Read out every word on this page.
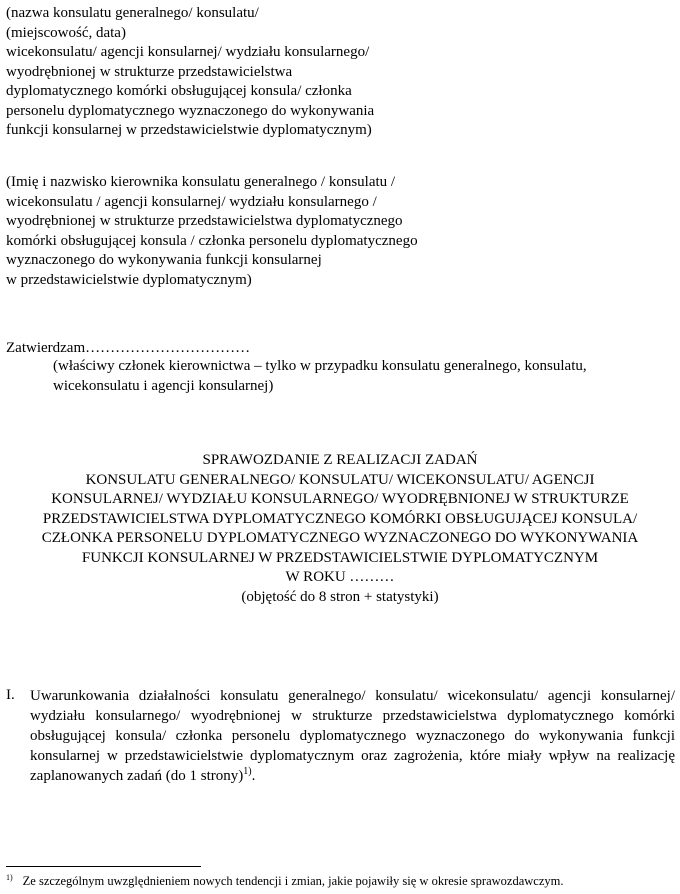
(nazwa konsulatu generalnego/ konsulatu/
(miejscowość, data)
wicekonsulatu/ agencji konsularnej/ wydziału konsularnego/
wyodrębnionej w strukturze przedstawicielstwa
dyplomatycznego komórki obsługującej konsula/ członka
personelu dyplomatycznego wyznaczonego do wykonywania
funkcji konsularnej w przedstawicielstwie dyplomatycznym)
(Imię i nazwisko kierownika konsulatu generalnego / konsulatu /
wicekonsulatu / agencji konsularnej/ wydziału konsularnego /
wyodrębnionej w strukturze przedstawicielstwa dyplomatycznego
komórki obsługującej konsula / członka personelu dyplomatycznego
wyznaczonego do wykonywania funkcji konsularnej
w przedstawicielstwie dyplomatycznym)
Zatwierdzam……………………………
(właściwy członek kierownictwa – tylko w przypadku konsulatu generalnego, konsulatu,
wicekonsulatu i agencji konsularnej)
SPRAWOZDANIE Z REALIZACJI ZADAŃ
KONSULATU GENERALNEGO/ KONSULATU/ WICEKONSULATU/ AGENCJI
KONSULARNEJ/ WYDZIAŁU KONSULARNEGO/ WYODRĘBNIONEJ W STRUKTURZE
PRZEDSTAWICIELSTWA DYPLOMATYCZNEGO KOMÓRKI OBSŁUGUJĄCEJ KONSULA/
CZŁONKA PERSONELU DYPLOMATYCZNEGO WYZNACZONEGO DO WYKONYWANIA
FUNKCJI KONSULARNEJ W PRZEDSTAWICIELSTWIE DYPLOMATYCZNYM
W ROKU ………
(objętość do 8 stron + statystyki)
I. Uwarunkowania działalności konsulatu generalnego/ konsulatu/ wicekonsulatu/ agencji konsularnej/
wydziału konsularnego/ wyodrębnionej w strukturze przedstawicielstwa dyplomatycznego komórki
obsługującej konsula/ członka personelu dyplomatycznego wyznaczonego do wykonywania funkcji
konsularnej w przedstawicielstwie dyplomatycznym oraz zagrożenia, które miały wpływ na realizację
zaplanowanych zadań (do 1 strony)$^{1)}$.
$^{1)}$ Ze szczególnym uwzględnieniem nowych tendencji i zmian, jakie pojawiły się w okresie sprawozdawczym.
